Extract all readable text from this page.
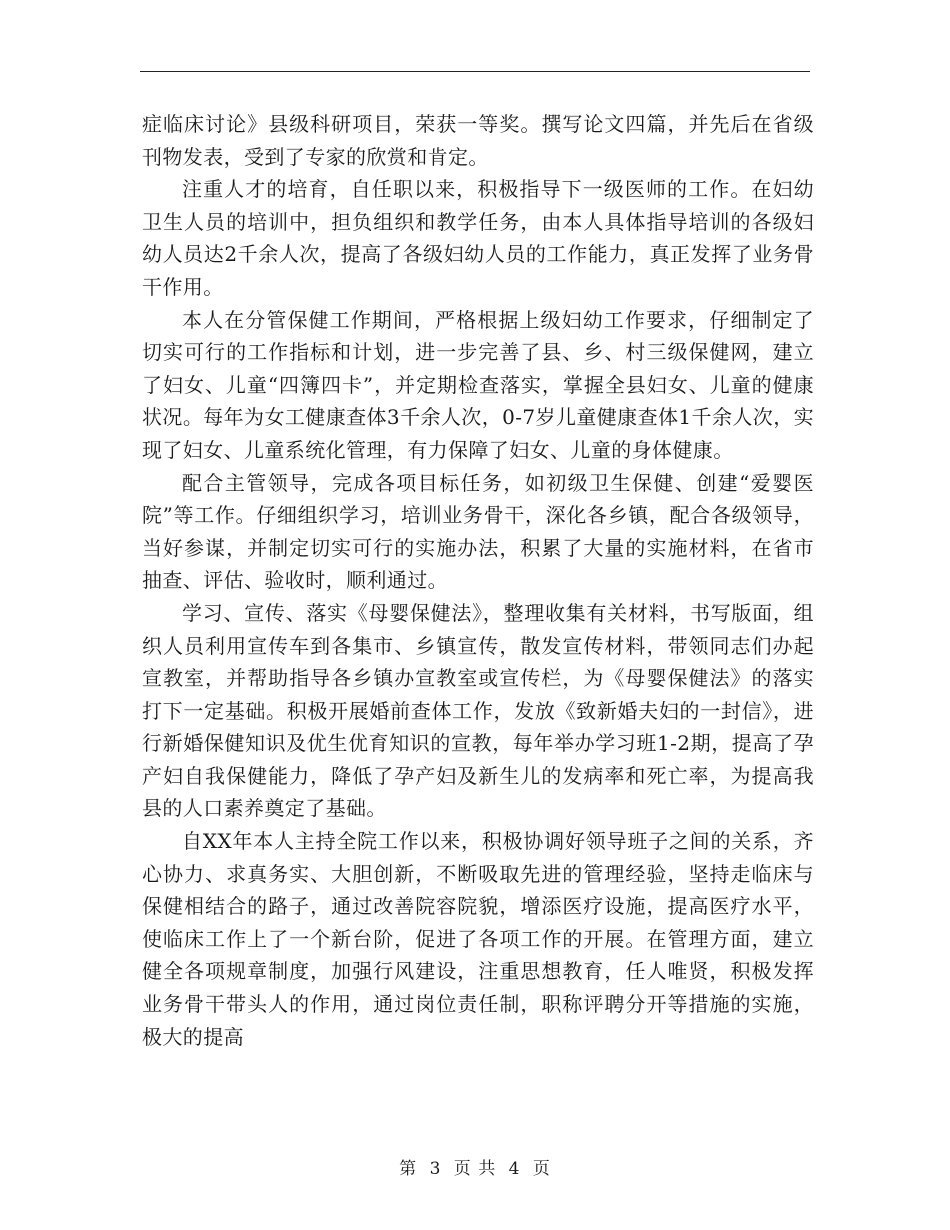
症临床讨论》县级科研项目，荣获一等奖。撰写论文四篇，并先后在省级刊物发表，受到了专家的欣赏和肯定。

注重人才的培育，自任职以来，积极指导下一级医师的工作。在妇幼卫生人员的培训中，担负组织和教学任务，由本人具体指导培训的各级妇幼人员达2千余人次，提高了各级妇幼人员的工作能力，真正发挥了业务骨干作用。

本人在分管保健工作期间，严格根据上级妇幼工作要求，仔细制定了切实可行的工作指标和计划，进一步完善了县、乡、村三级保健网，建立了妇女、儿童“四簿四卡”，并定期检查落实，掌握全县妇女、儿童的健康状况。每年为女工健康查体3千余人次，0-7岁儿童健康查体1千余人次，实现了妇女、儿童系统化管理，有力保障了妇女、儿童的身体健康。

配合主管领导，完成各项目标任务，如初级卫生保健、创建“爱婴医院”等工作。仔细组织学习，培训业务骨干，深化各乡镇，配合各级领导，当好参谋，并制定切实可行的实施办法，积累了大量的实施材料，在省市抽查、评估、验收时，顺利通过。

学习、宣传、落实《母婴保健法》，整理收集有关材料，书写版面，组织人员利用宣传车到各集市、乡镇宣传，散发宣传材料，带领同志们办起宣教室，并帮助指导各乡镇办宣教室或宣传栏，为《母婴保健法》的落实打下一定基础。积极开展婚前查体工作，发放《致新婚夫妇的一封信》，进行新婚保健知识及优生优育知识的宣教，每年举办学习班1-2期，提高了孕产妇自我保健能力，降低了孕产妇及新生儿的发病率和死亡率，为提高我县的人口素养奠定了基础。

自XX年本人主持全院工作以来，积极协调好领导班子之间的关系，齐心协力、求真务实、大胆创新，不断吸取先进的管理经验，坚持走临床与保健相结合的路子，通过改善院容院貌，增添医疗设施，提高医疗水平，使临床工作上了一个新台阶，促进了各项工作的开展。在管理方面，建立健全各项规章制度，加强行风建设，注重思想教育，任人唯贤，积极发挥业务骨干带头人的作用，通过岗位责任制，职称评聘分开等措施的实施，极大的提高

第 3 页 共 4 页
